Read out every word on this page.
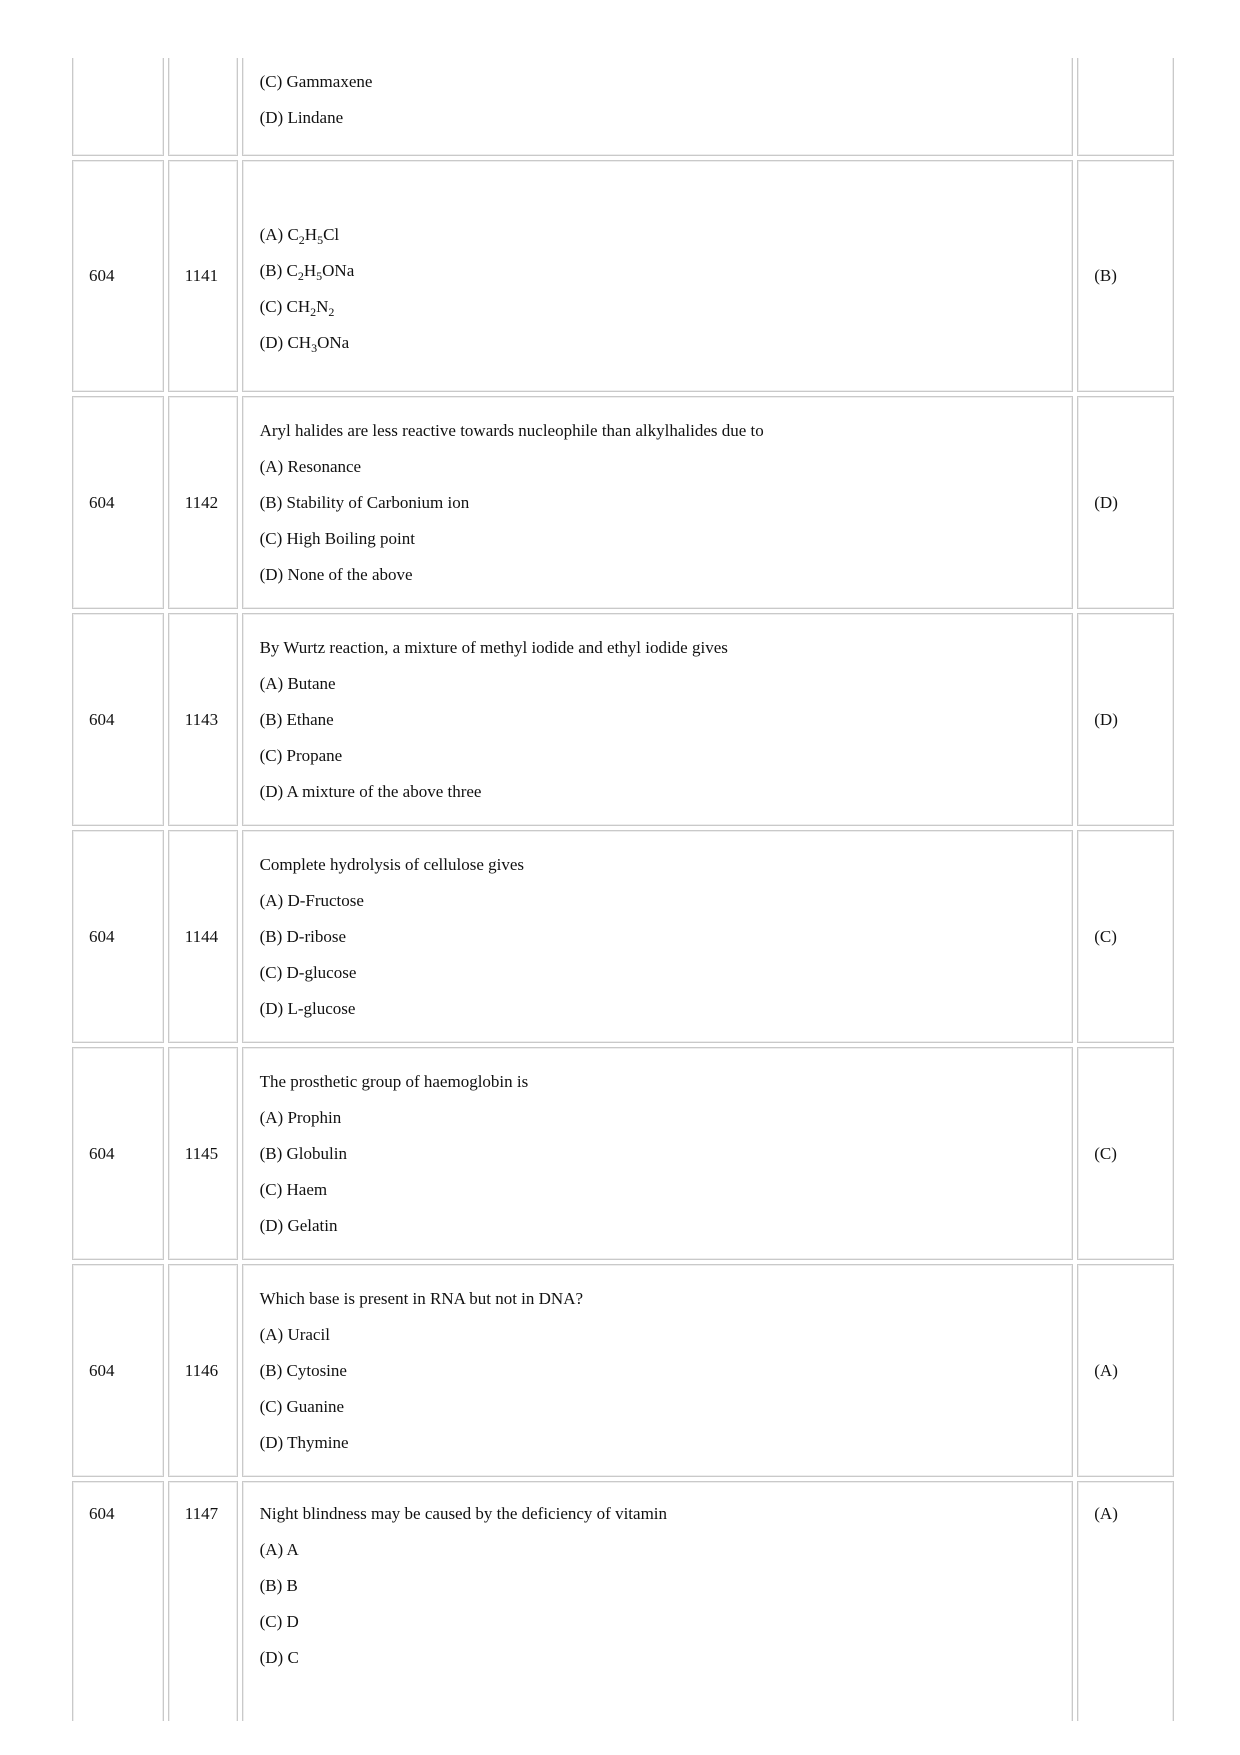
(C) Gammaxene
(D) Lindane
604	1141
(A) $C_2H_5Cl$
(B) $C_2H_5ONa$
(C) $CH_2N_2$
(D) $CH_3ONa$
(B)
604	1142
Aryl halides are less reactive towards nucleophile than alkylhalides due to
(A) Resonance
(B) Stability of Carbonium ion
(C) High Boiling point
(D) None of the above
(D)
604	1143
By Wurtz reaction, a mixture of methyl iodide and ethyl iodide gives
(A) Butane
(B) Ethane
(C) Propane
(D) A mixture of the above three
(D)
604	1144
Complete hydrolysis of cellulose gives
(A) D-Fructose
(B) D-ribose
(C) D-glucose
(D) L-glucose
(C)
604	1145
The prosthetic group of haemoglobin is
(A) Prophin
(B) Globulin
(C) Haem
(D) Gelatin
(C)
604	1146
Which base is present in RNA but not in DNA?
(A) Uracil
(B) Cytosine
(C) Guanine
(D) Thymine
(A)
604	1147 Night blindness may be caused by the deficiency of vitamin
(A) A
(B) B
(C) D
(D) C
(A)
